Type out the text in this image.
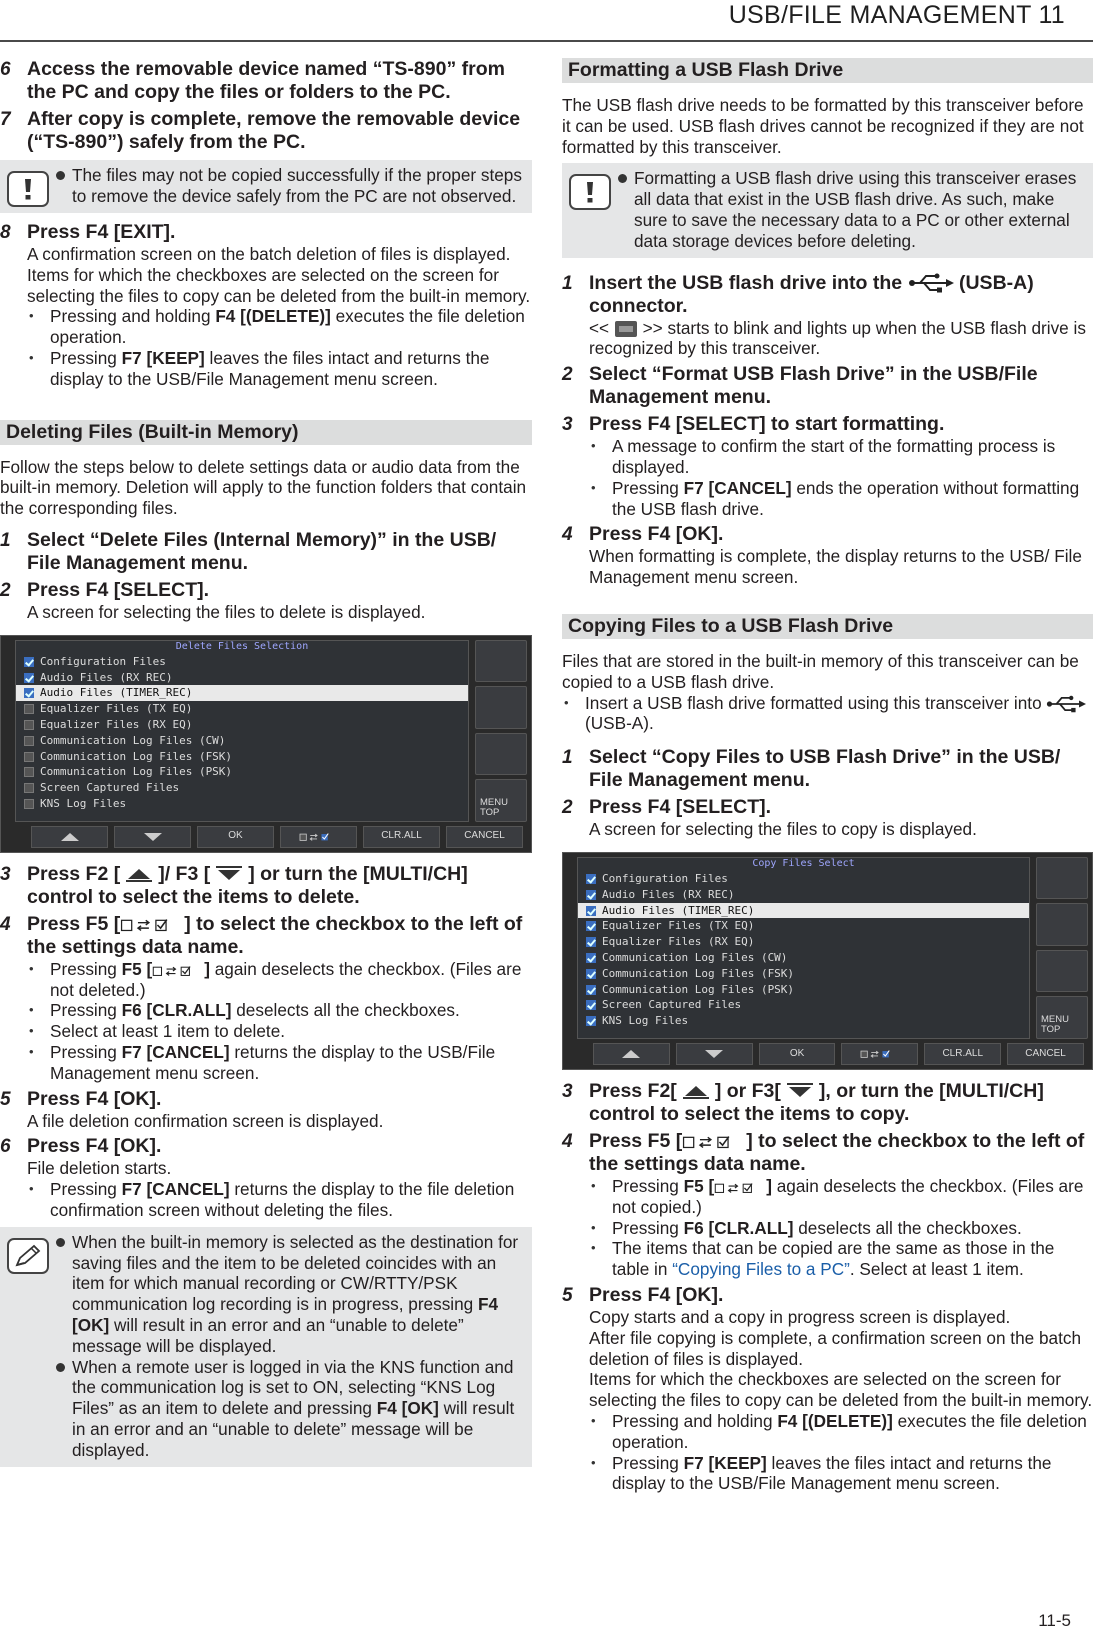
USB/FILE MANAGEMENT 11
6 Access the removable device named “TS-890” from the PC and copy the files or folders to the PC.
7 After copy is complete, remove the removable device (“TS-890”) safely from the PC.
The files may not be copied successfully if the proper steps to remove the device safely from the PC are not observed.
8 Press F4 [EXIT].
A confirmation screen on the batch deletion of files is displayed. Items for which the checkboxes are selected on the screen for selecting the files to copy can be deleted from the built-in memory.
• Pressing and holding F4 [(DELETE)] executes the file deletion operation.
• Pressing F7 [KEEP] leaves the files intact and returns the display to the USB/File Management menu screen.
Deleting Files (Built-in Memory)
Follow the steps below to delete settings data or audio data from the built-in memory. Deletion will apply to the function folders that contain the corresponding files.
1 Select “Delete Files (Internal Memory)” in the USB/ File Management menu.
2 Press F4 [SELECT].
A screen for selecting the files to delete is displayed.
Delete Files Selection
Configuration Files
Audio Files (RX REC)
Audio Files (TIMER_REC)
Equalizer Files (TX EQ)
Equalizer Files (RX EQ)
Communication Log Files (CW)
Communication Log Files (FSK)
Communication Log Files (PSK)
Screen Captured Files
KNS Log Files	MENU TOP
OK	CLR.ALL	CANCEL
3 Press F2 [ ]/ F3 [ ] or turn the [MULTI/CH] control to select the items to delete.
4 Press F5 [	] to select the checkbox to the left of the settings data name.
• Pressing F5 [	] again deselects the checkbox. (Files are not deleted.)
• Pressing F6 [CLR.ALL] deselects all the checkboxes.
• Select at least 1 item to delete.
• Pressing F7 [CANCEL] returns the display to the USB/File Management menu screen.
5 Press F4 [OK].
A file deletion confirmation screen is displayed.
6 Press F4 [OK].
File deletion starts.
• Pressing F7 [CANCEL] returns the display to the file deletion confirmation screen without deleting the files.
When the built-in memory is selected as the destination for saving files and the item to be deleted coincides with an item for which manual recording or CW/RTTY/PSK communication log recording is in progress, pressing F4 [OK] will result in an error and an “unable to delete” message will be displayed.
When a remote user is logged in via the KNS function and the communication log is set to ON, selecting “KNS Log Files” as an item to delete and pressing F4 [OK] will result in an error and an “unable to delete” message will be displayed.
Formatting a USB Flash Drive
The USB flash drive needs to be formatted by this transceiver before it can be used. USB flash drives cannot be recognized if they are not formatted by this transceiver.
Formatting a USB flash drive using this transceiver erases all data that exist in the USB flash drive. As such, make sure to save the necessary data to a PC or other external data storage devices before deleting.
1 Insert the USB flash drive into the  (USB-A) connector.
<<  >> starts to blink and lights up when the USB flash drive is recognized by this transceiver.
2 Select “Format USB Flash Drive” in the USB/File Management menu.
3 Press F4 [SELECT] to start formatting.
• A message to confirm the start of the formatting process is displayed.
• Pressing F7 [CANCEL] ends the operation without formatting the USB flash drive.
4 Press F4 [OK].
When formatting is complete, the display returns to the USB/ File Management menu screen.
Copying Files to a USB Flash Drive
Files that are stored in the built-in memory of this transceiver can be copied to a USB flash drive.
• Insert a USB flash drive formatted using this transceiver into  (USB-A).
1 Select “Copy Files to USB Flash Drive” in the USB/ File Management menu.
2 Press F4 [SELECT].
A screen for selecting the files to copy is displayed.
Copy Files Select
Configuration Files
Audio Files (RX REC)
Audio Files (TIMER_REC)
Equalizer Files (TX EQ)
Equalizer Files (RX EQ)
Communication Log Files (CW)
Communication Log Files (FSK)
Communication Log Files (PSK)
Screen Captured Files
KNS Log Files	MENU TOP
OK	CLR.ALL	CANCEL
3 Press F2[ ] or F3[ ], or turn the [MULTI/CH] control to select the items to copy.
4 Press F5 [	] to select the checkbox to the left of the settings data name.
• Pressing F5 [	] again deselects the checkbox. (Files are not copied.)
• Pressing F6 [CLR.ALL] deselects all the checkboxes.
• The items that can be copied are the same as those in the table in “Copying Files to a PC”. Select at least 1 item.
5 Press F4 [OK].
Copy starts and a copy in progress screen is displayed.
After file copying is complete, a confirmation screen on the batch deletion of files is displayed.
Items for which the checkboxes are selected on the screen for selecting the files to copy can be deleted from the built-in memory.
• Pressing and holding F4 [(DELETE)] executes the file deletion operation.
• Pressing F7 [KEEP] leaves the files intact and returns the display to the USB/File Management menu screen.
11-5
